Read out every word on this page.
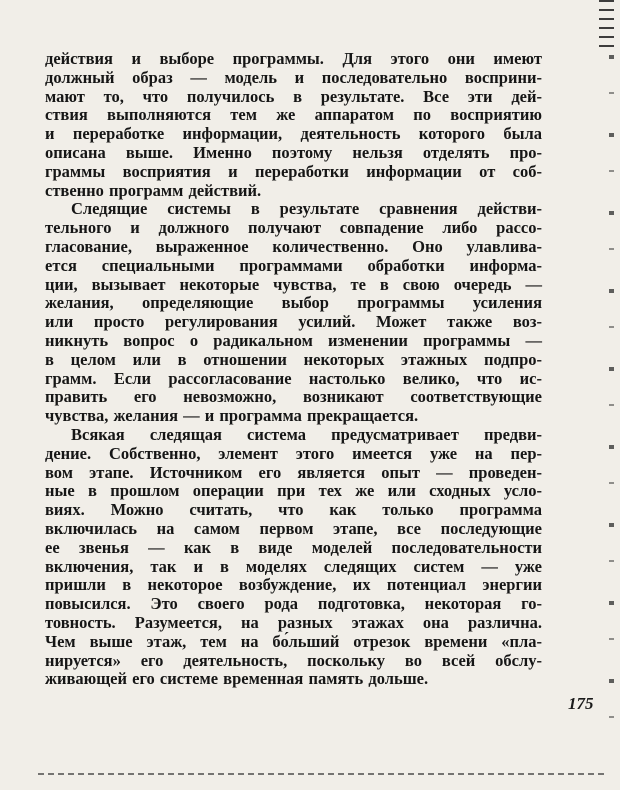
действия и выборе программы. Для этого они имеют
должный образ — модель и последовательно восприни-
мают то, что получилось в результате. Все эти дей-
ствия выполняются тем же аппаратом по восприятию
и переработке информации, деятельность которого была
описана выше. Именно поэтому нельзя отделять про-
граммы восприятия и переработки информации от соб-
ственно программ действий.
Следящие системы в результате сравнения действи-
тельного и должного получают совпадение либо рассо-
гласование, выраженное количественно. Оно улавлива-
ется специальными программами обработки информа-
ции, вызывает некоторые чувства, те в свою очередь —
желания, определяющие выбор программы усиления
или просто регулирования усилий. Может также воз-
никнуть вопрос о радикальном изменении программы —
в целом или в отношении некоторых этажных подпро-
грамм. Если рассогласование настолько велико, что ис-
править его невозможно, возникают соответствующие
чувства, желания — и программа прекращается.
Всякая следящая система предусматривает предви-
дение. Собственно, элемент этого имеется уже на пер-
вом этапе. Источником его является опыт — проведен-
ные в прошлом операции при тех же или сходных усло-
виях. Можно считать, что как только программа
включилась на самом первом этапе, все последующие
ее звенья — как в виде моделей последовательности
включения, так и в моделях следящих систем — уже
пришли в некоторое возбуждение, их потенциал энергии
повысился. Это своего рода подготовка, некоторая го-
товность. Разумеется, на разных этажах она различна.
Чем выше этаж, тем на бо́льший отрезок времени «пла-
нируется» его деятельность, поскольку во всей обслу-
живающей его системе временная память дольше.
175
